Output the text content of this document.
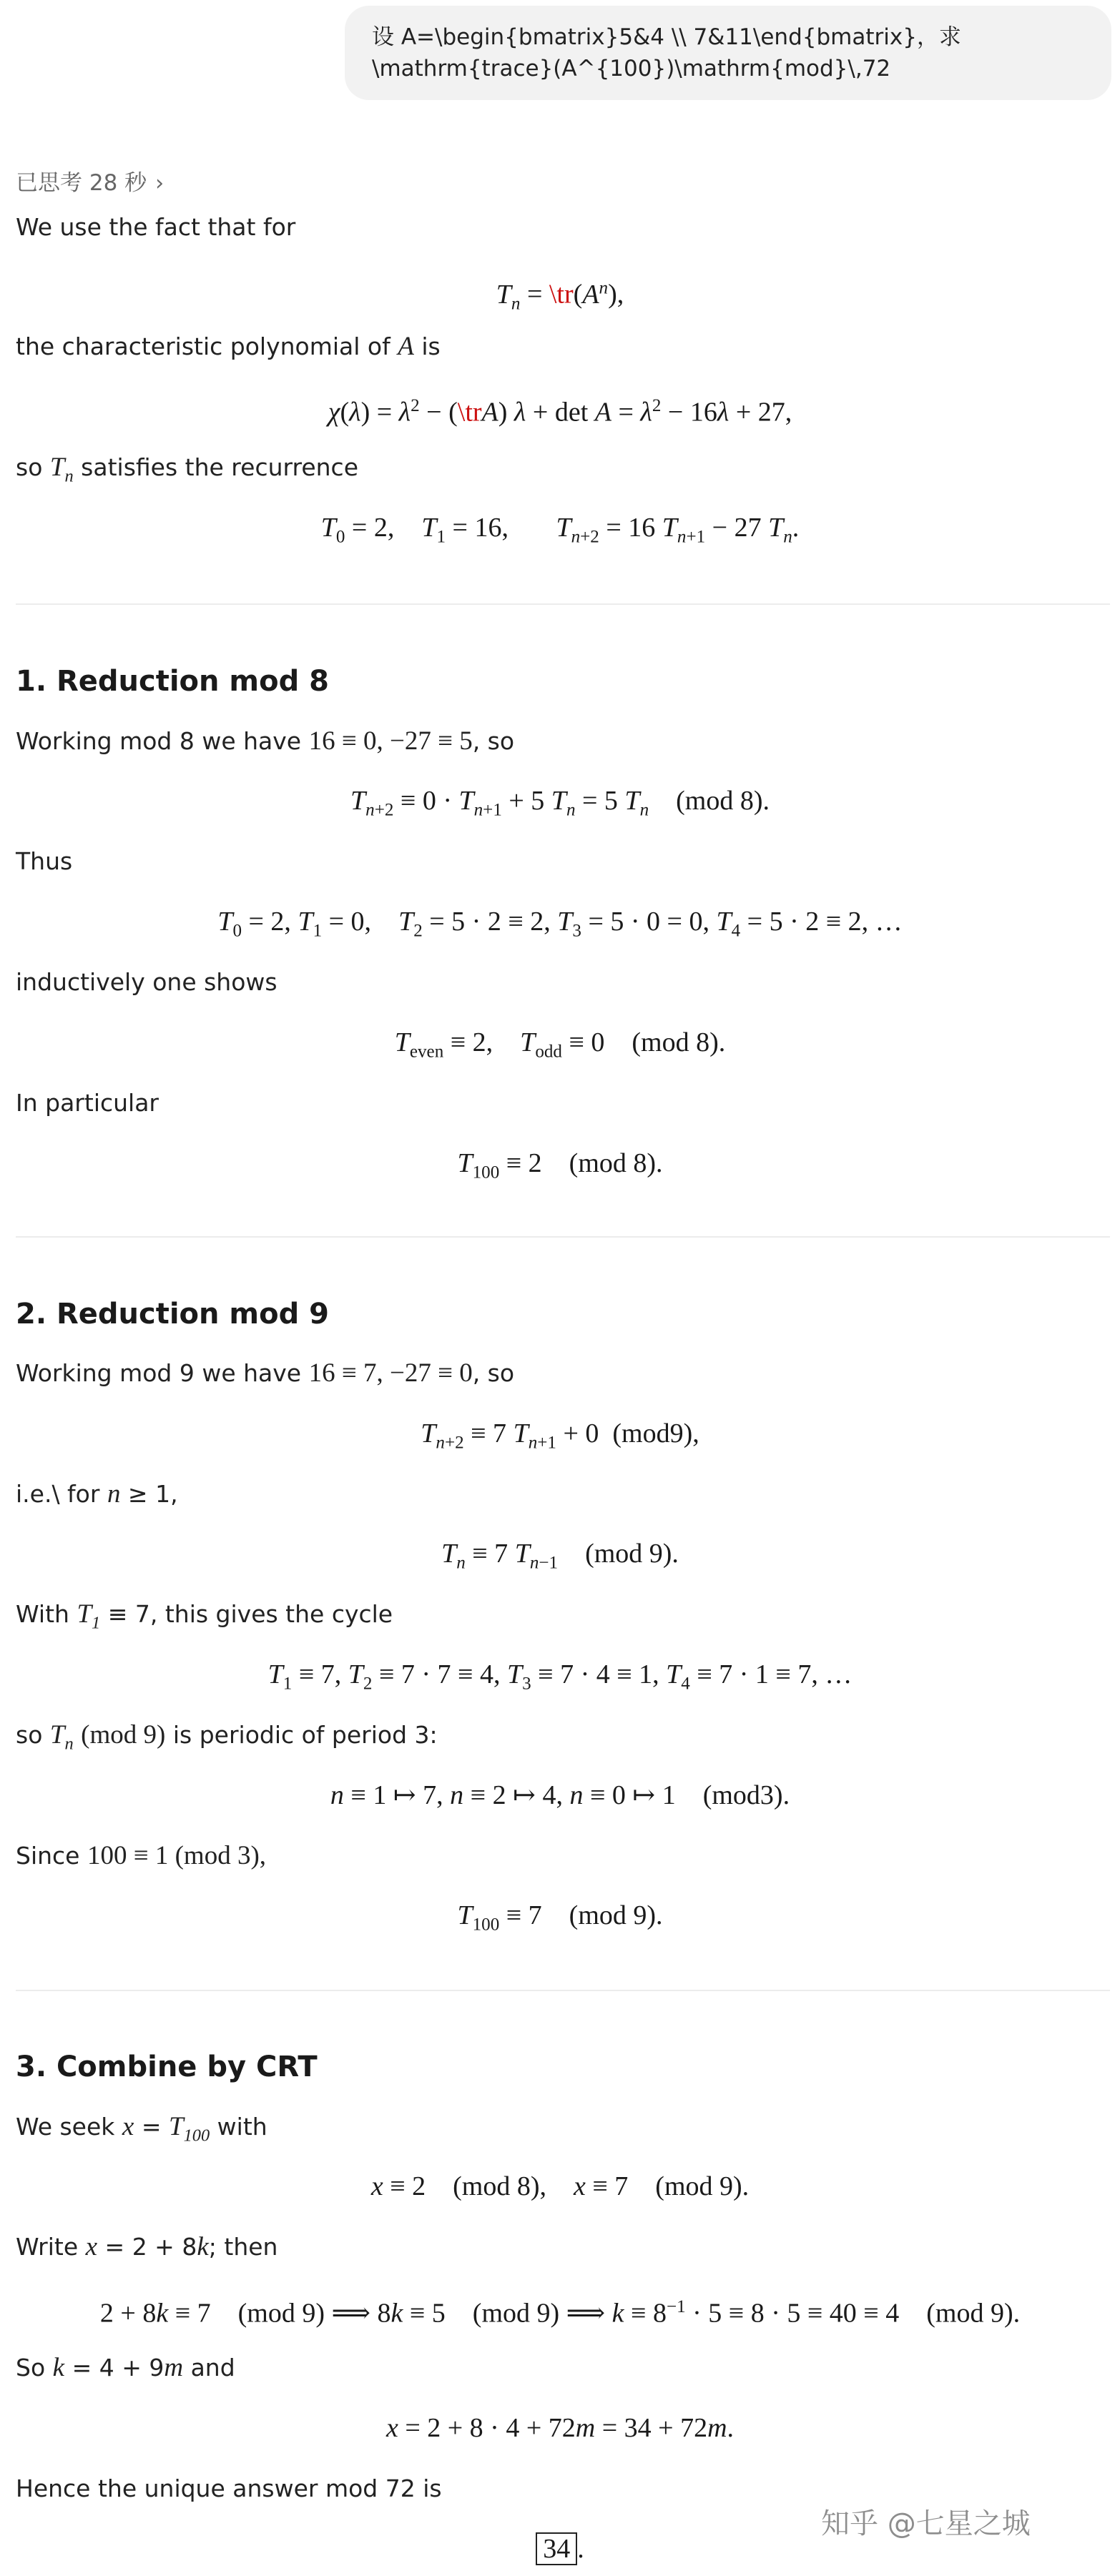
设 A=\begin{bmatrix}5&4 \\ 7&11\end{bmatrix}，求
\mathrm{trace}(A^{100})\mathrm{mod}\,72
已思考 28 秒 ›
We use the fact that for
$T_n$ = $\backslash tr(A^n)$,
the characteristic polynomial of A is
$\chi(\lambda) = \lambda^2$ − (\trA) $\lambda + \det A = \lambda^2 - 16\lambda + 27$,
so $T_n$ satisfies the recurrence
$T_0 = 2$,    $T_1 = 16$,       $T_{n+2} = 16$ $T_{n+1} - 27$ $T_n$.
1. Reduction mod 8
Working mod 8 we have 16 ≡ 0, −27 ≡ 5, so
$T_{n+2} \equiv 0 \cdot T_{n+1} + 5$ $T_n = 5$ $T_n$    (mod 8).
Thus
$T_0 = 2$, $T_1 = 0$,    $T_2 = 5 \cdot 2 \equiv 2$, $T_3 = 5 \cdot 0 = 0$, $T_4 = 5 \cdot 2 \equiv 2$, …
inductively one shows
$T_{even} \equiv 2$,    $T_{odd} \equiv 0$    (mod 8).
In particular
$T_{100} \equiv 2$    (mod 8).
2. Reduction mod 9
Working mod 9 we have 16 ≡ 7, −27 ≡ 0, so
$T_{n+2} \equiv 7$ $T_{n+1} + 0$  (mod9),
i.e.\ for n ≥ 1,
$T_n \equiv 7$ $T_{n-1}$    (mod 9).
With $T_1 \equiv 7$, this gives the cycle
$T_1 \equiv 7$, $T_2 \equiv 7 \cdot 7 \equiv 4$, $T_3 \equiv 7 \cdot 4 \equiv 1$, $T_4 \equiv 7 \cdot 1 \equiv 7$, …
so $T_n$ (mod 9) is periodic of period 3:
n ≡ 1 ↦ 7, n ≡ 2 ↦ 4, n ≡ 0 ↦ 1    (mod3).
Since 100 ≡ 1 (mod 3),
$T_{100} \equiv 7$    (mod 9).
3. Combine by CRT
We seek $x = T_{100}$ with
x ≡ 2    (mod 8),    x ≡ 7    (mod 9).
Write x = 2 + 8k; then
2 + 8k ≡ 7    (mod 9) ⟹ 8k ≡ 5    (mod 9) ⟹ $k \equiv 8^{-1} \cdot 5 \equiv 8 \cdot 5 \equiv 40 \equiv 4$    (mod 9).
So k = 4 + 9m and
x = 2 + 8 · 4 + 72m = 34 + 72m.
Hence the unique answer mod 72 is
34 .
知乎 @七星之城
